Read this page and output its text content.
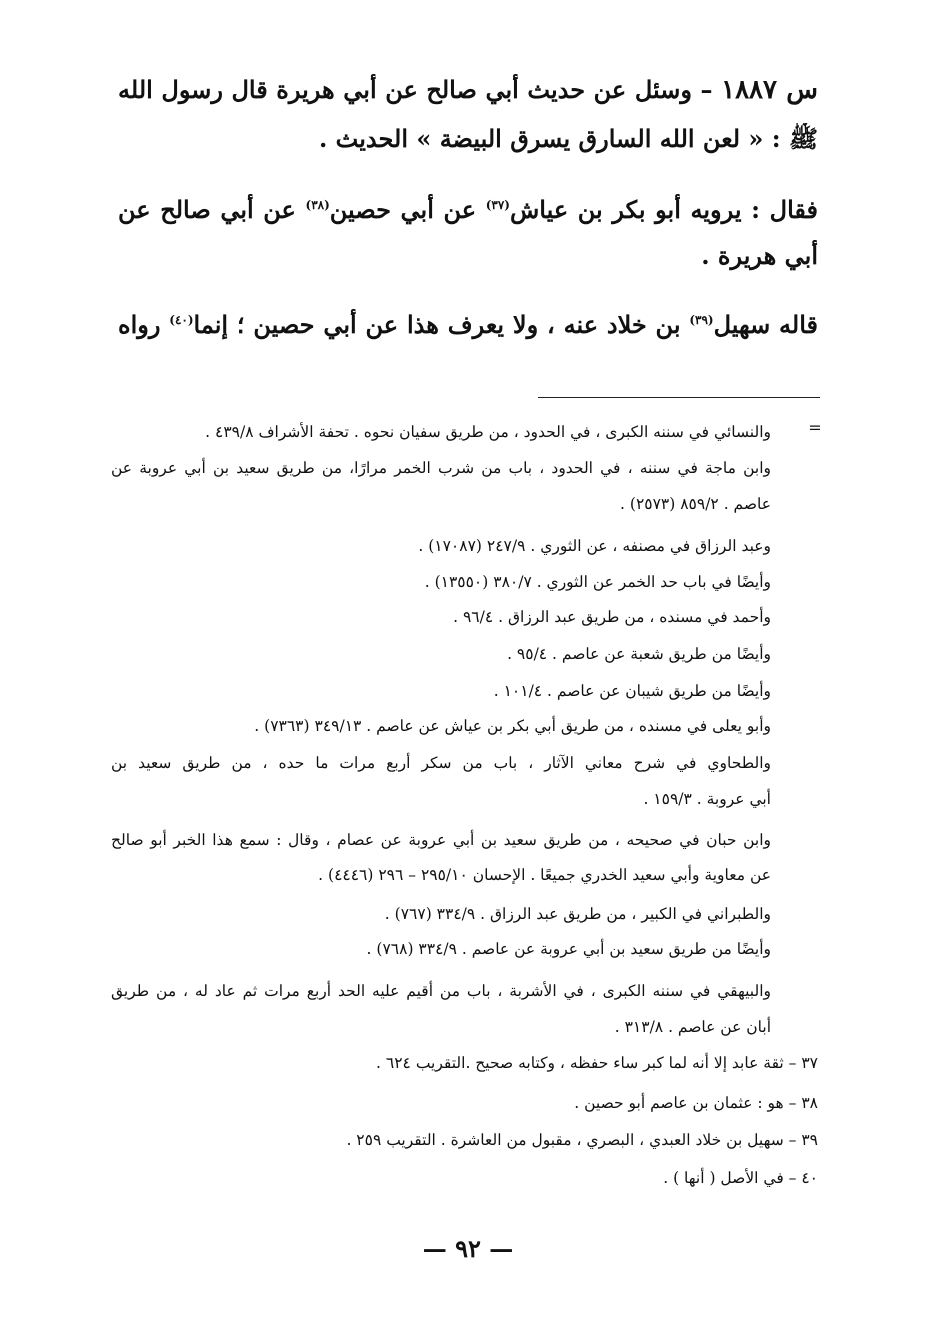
س ١٨٨٧ – وسئل عن حديث أبي صالح عن أبي هريرة قال رسول الله
ﷺ : « لعن الله السارق يسرق البيضة » الحديث .
فقال : يرويه أبو بكر بن عياش$^{(٣٧)}$ عن أبي حصين$^{(٣٨)}$ عن أبي صالح عن
أبي هريرة .
قاله سهيل$^{(٣٩)}$ بن خلاد عنه ، ولا يعرف هذا عن أبي حصين ؛ إنما$^{(٤٠)}$ رواه
=
والنسائي في سننه الكبرى ، في الحدود ، من طريق سفيان نحوه . تحفة الأشراف ٤٣٩/٨ .
وابن ماجة في سننه ، في الحدود ، باب من شرب الخمر مرارًا، من طريق سعيد بن أبي عروبة عن
عاصم . ٨٥٩/٢ (٢٥٧٣) .
وعبد الرزاق في مصنفه ، عن الثوري . ٢٤٧/٩ (١٧٠٨٧) .
وأيضًا في باب حد الخمر عن الثوري . ٣٨٠/٧ (١٣٥٥٠) .
وأحمد في مسنده ، من طريق عبد الرزاق . ٩٦/٤ .
وأيضًا من طريق شعبة عن عاصم . ٩٥/٤ .
وأيضًا من طريق شيبان عن عاصم . ١٠١/٤ .
وأبو يعلى في مسنده ، من طريق أبي بكر بن عياش عن عاصم . ٣٤٩/١٣ (٧٣٦٣) .
والطحاوي في شرح معاني الآثار ، باب من سكر أربع مرات ما حده ، من طريق سعيد بن
أبي عروبة . ١٥٩/٣ .
وابن حبان في صحيحه ، من طريق سعيد بن أبي عروبة عن عصام ، وقال : سمع هذا الخبر أبو صالح
عن معاوية وأبي سعيد الخدري جميعًا . الإحسان ٢٩٥/١٠ – ٢٩٦ (٤٤٤٦) .
والطبراني في الكبير ، من طريق عبد الرزاق . ٣٣٤/٩ (٧٦٧) .
وأيضًا من طريق سعيد بن أبي عروبة عن عاصم . ٣٣٤/٩ (٧٦٨) .
والبيهقي في سننه الكبرى ، في الأشربة ، باب من أقيم عليه الحد أربع مرات ثم عاد له ، من طريق
أبان عن عاصم . ٣١٣/٨ .
٣٧ – ثقة عابد إلا أنه لما كبر ساء حفظه ، وكتابه صحيح .التقريب ٦٢٤ .
٣٨ – هو : عثمان بن عاصم أبو حصين .
٣٩ – سهيل بن خلاد العبدي ، البصري ، مقبول من العاشرة . التقريب ٢٥٩ .
٤٠ – في الأصل ( أنها ) .
— ٩٢ —
